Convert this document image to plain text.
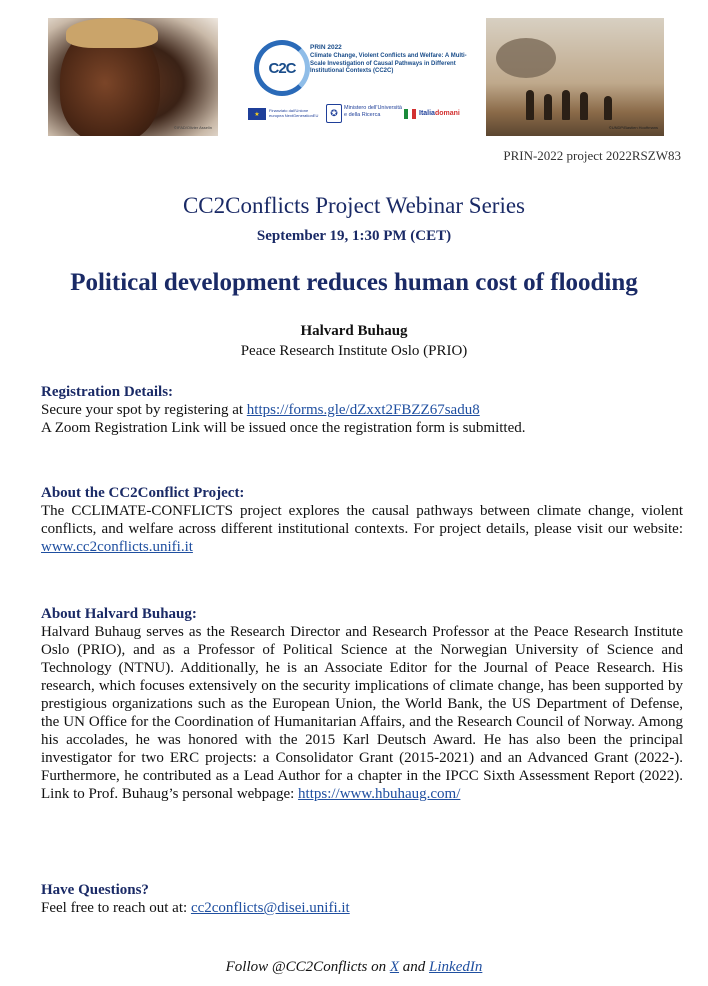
©IFAD/Olivier Asselin
C2C
PRIN 2022
Climate Change, Violent Conflicts and Welfare: A Multi-Scale Investigation of Causal Pathways in Different Institutional Contexts (CC2C)
★
Finanziato dall'Unione europea NextGenerationEU	✪	Ministero dell'Università e della Ricerca	Italiadomani
©UNDP/Bastien Hooftmans
PRIN-2022 project 2022RSZW83
CC2Conflicts Project Webinar Series
September 19, 1:30 PM (CET)
Political development reduces human cost of flooding
Halvard Buhaug
Peace Research Institute Oslo (PRIO)
Registration Details:

Secure your spot by registering at https://forms.gle/dZxxt2FBZZ67sadu8

A Zoom Registration Link will be issued once the registration form is submitted.

About the CC2Conflict Project:

The CCLIMATE-CONFLICTS project explores the causal pathways between climate change, violent conflicts, and welfare across different institutional contexts. For project details, please visit our website: www.cc2conflicts.unifi.it

About Halvard Buhaug:

Halvard Buhaug serves as the Research Director and Research Professor at the Peace Research Institute Oslo (PRIO), and as a Professor of Political Science at the Norwegian University of Science and Technology (NTNU). Additionally, he is an Associate Editor for the Journal of Peace Research. His research, which focuses extensively on the security implications of climate change, has been supported by prestigious organizations such as the European Union, the World Bank, the US Department of Defense, the UN Office for the Coordination of Humanitarian Affairs, and the Research Council of Norway. Among his accolades, he was honored with the 2015 Karl Deutsch Award. He has also been the principal investigator for two ERC projects: a Consolidator Grant (2015-2021) and an Advanced Grant (2022-). Furthermore, he contributed as a Lead Author for a chapter in the IPCC Sixth Assessment Report (2022). Link to Prof. Buhaug’s personal webpage: https://www.hbuhaug.com/

Have Questions?

Feel free to reach out at: cc2conflicts@disei.unifi.it

Follow @CC2Conflicts on X and LinkedIn
